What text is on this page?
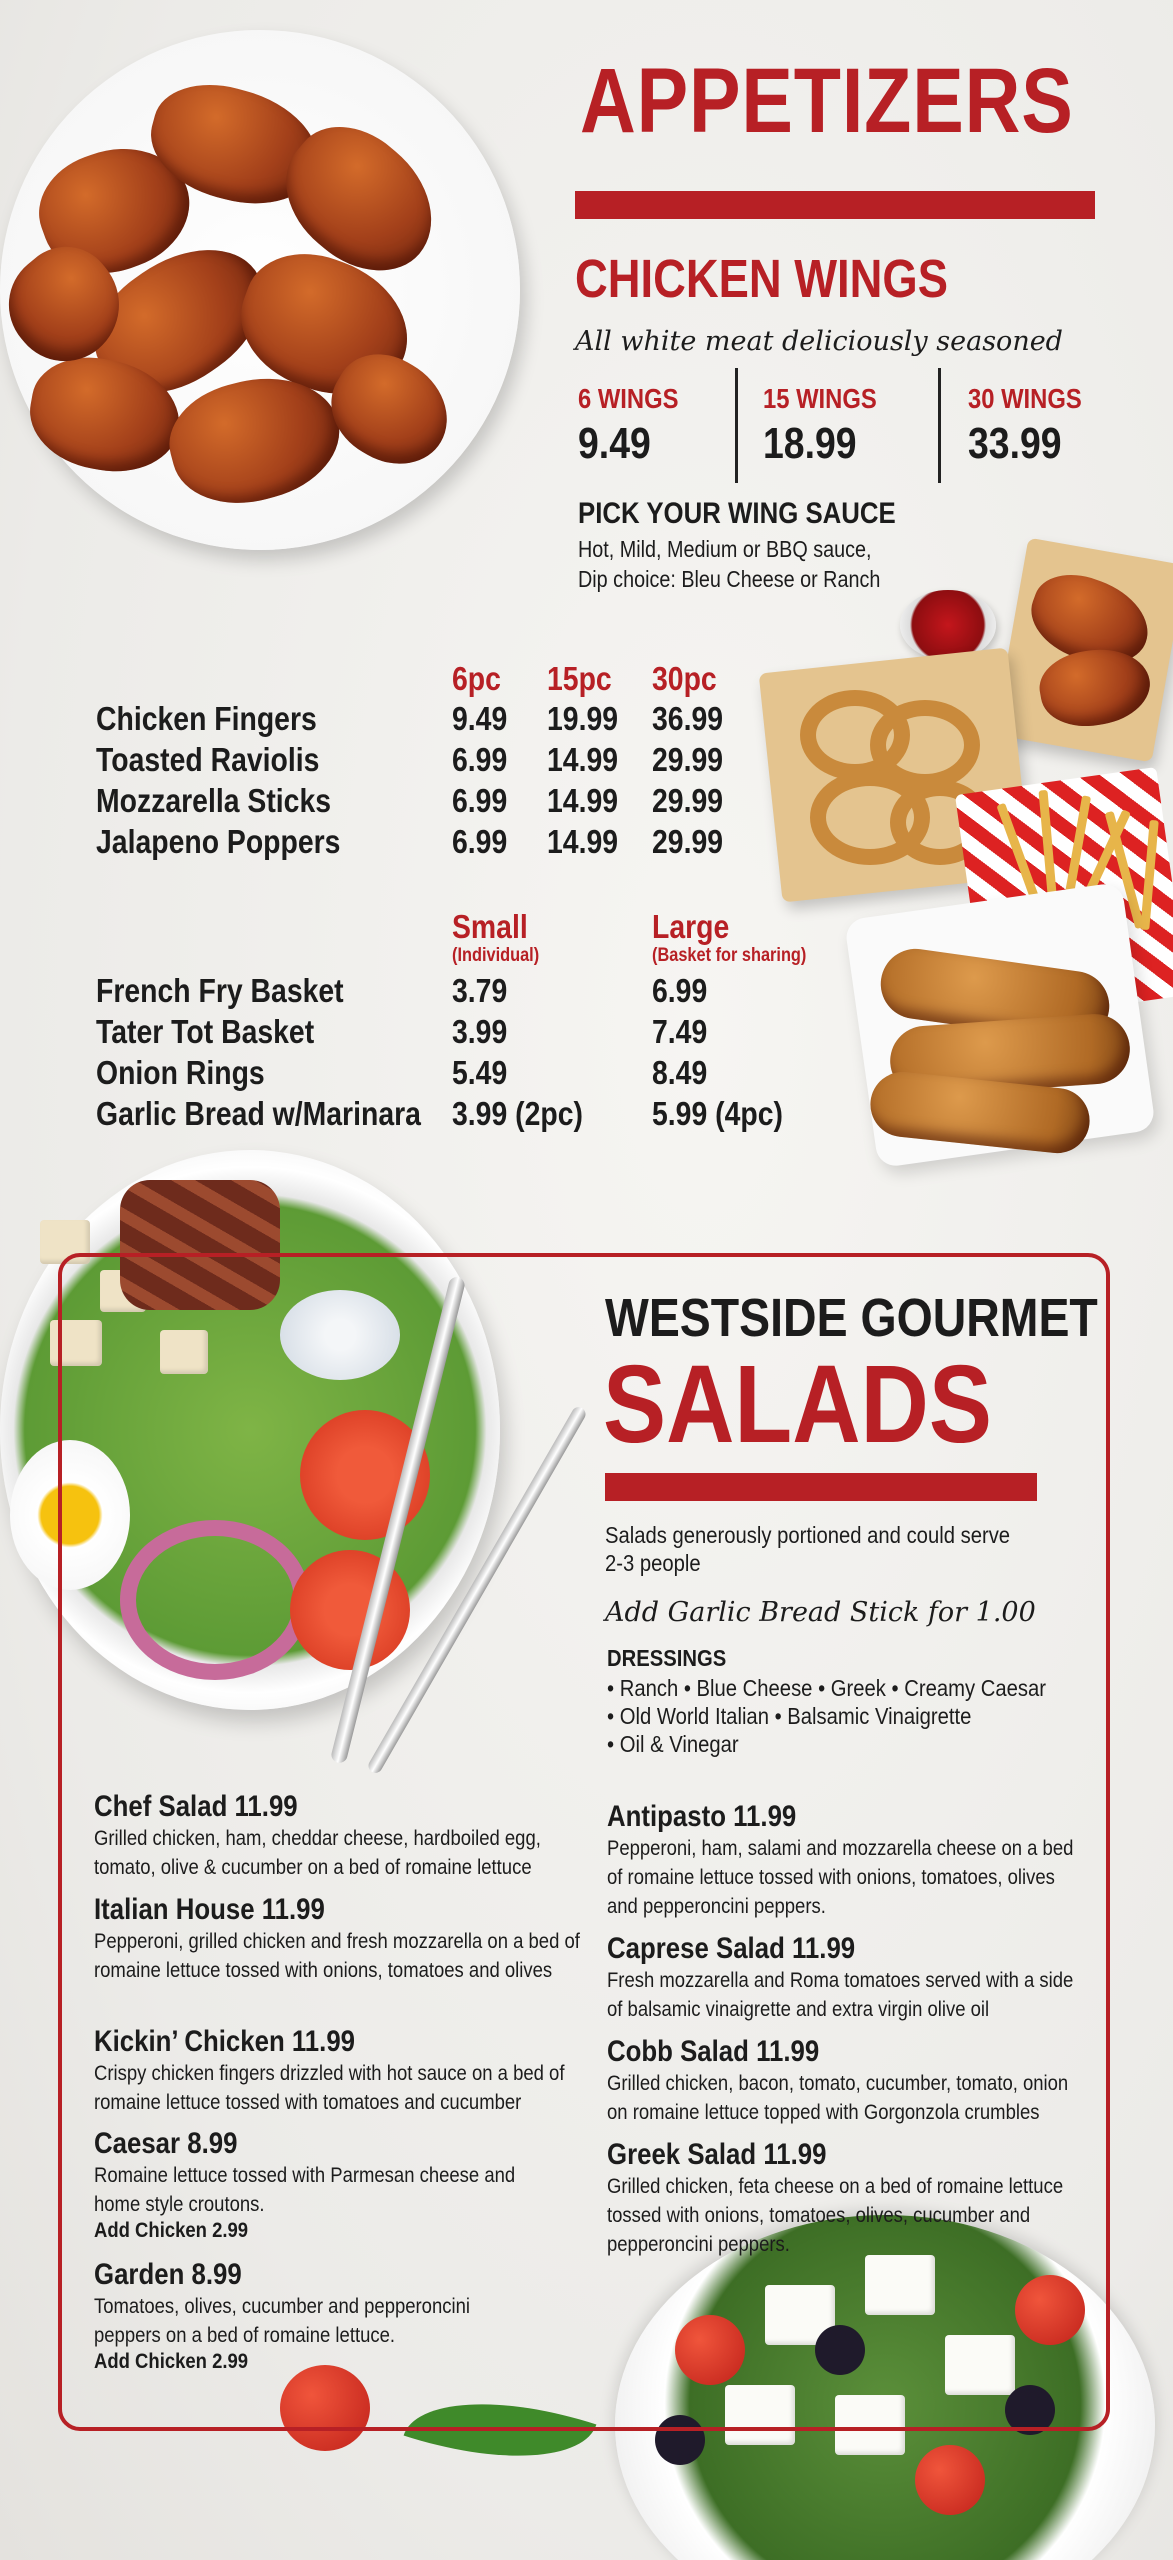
APPETIZERS
CHICKEN WINGS
All white meat deliciously seasoned
6 WINGS
9.49
15 WINGS
18.99
30 WINGS
33.99
PICK YOUR WING SAUCE
Hot, Mild, Medium or BBQ sauce,
Dip choice: Bleu Cheese or Ranch
6pc 15pc 30pc
Chicken Fingers	9.49 19.99 36.99
Toasted Raviolis	6.99 14.99 29.99
Mozzarella Sticks	6.99 14.99 29.99
Jalapeno Poppers	6.99 14.99 29.99
Small
(Individual)
Large
(Basket for sharing)
French Fry Basket	3.79	6.99
Tater Tot Basket	3.99	7.49
Onion Rings	5.49	8.49
Garlic Bread w/Marinara 3.99 (2pc) 5.99 (4pc)
WESTSIDE GOURMET
SALADS
Salads generously portioned and could serve
2-3 people
Add Garlic Bread Stick for 1.00
DRESSINGS
• Ranch • Blue Cheese • Greek • Creamy Caesar
• Old World Italian • Balsamic Vinaigrette
• Oil & Vinegar
Chef Salad 11.99
Grilled chicken, ham, cheddar cheese, hardboiled egg, tomato, olive & cucumber on a bed of romaine lettuce
Italian House 11.99
Pepperoni, grilled chicken and fresh mozzarella on a bed of romaine lettuce tossed with onions, tomatoes and olives
Kickin’ Chicken 11.99
Crispy chicken fingers drizzled with hot sauce on a bed of romaine lettuce tossed with tomatoes and cucumber
Caesar 8.99
Romaine lettuce tossed with Parmesan cheese and home style croutons.
Add Chicken 2.99
Garden 8.99
Tomatoes, olives, cucumber and pepperoncini peppers on a bed of romaine lettuce.
Add Chicken 2.99
Antipasto 11.99
Pepperoni, ham, salami and mozzarella cheese on a bed of romaine lettuce tossed with onions, tomatoes, olives and pepperoncini peppers.
Caprese Salad 11.99
Fresh mozzarella and Roma tomatoes served with a side of balsamic vinaigrette and extra virgin olive oil
Cobb Salad 11.99
Grilled chicken, bacon, tomato, cucumber, tomato, onion on romaine lettuce topped with Gorgonzola crumbles
Greek Salad 11.99
Grilled chicken, feta cheese on a bed of romaine lettuce tossed with onions, tomatoes, olives, cucumber and pepperoncini peppers.
